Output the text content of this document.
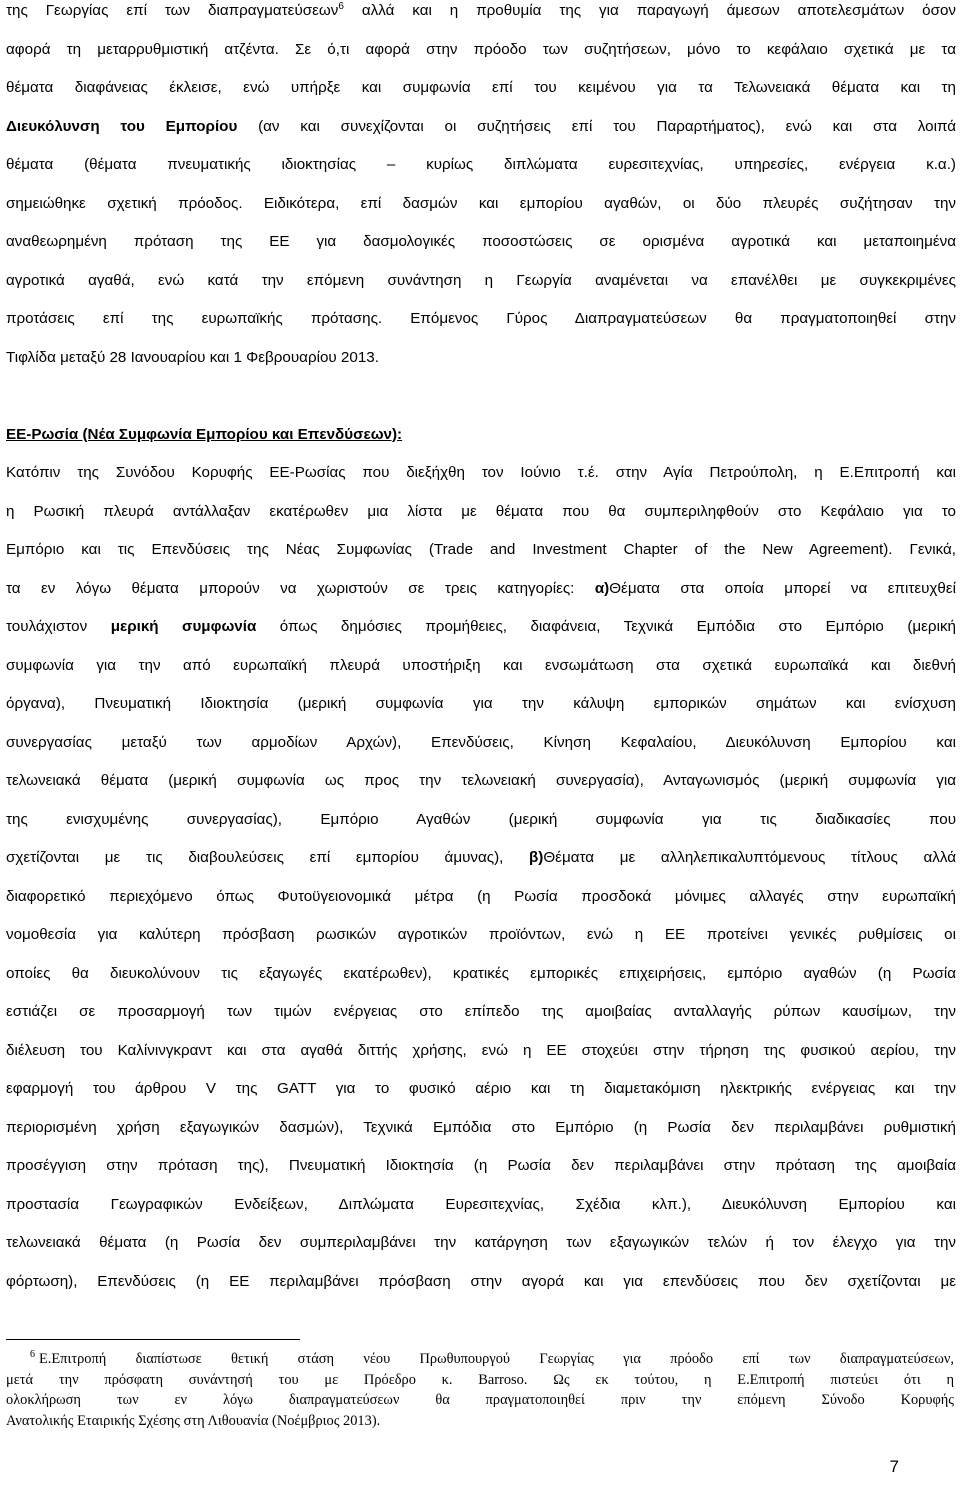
της Γεωργίας επί των διαπραγματεύσεων$^6$ αλλά και η προθυμία της για παραγωγή άμεσων αποτελεσμάτων όσον
αφορά τη μεταρρυθμιστική ατζέντα. Σε ό,τι αφορά στην πρόοδο των συζητήσεων, μόνο το κεφάλαιο σχετικά με τα
θέματα διαφάνειας έκλεισε, ενώ υπήρξε και συμφωνία επί του κειμένου για τα Τελωνειακά θέματα και τη
Διευκόλυνση του Εμπορίου (αν και συνεχίζονται οι συζητήσεις επί του Παραρτήματος), ενώ και στα λοιπά
θέματα (θέματα πνευματικής ιδιοκτησίας – κυρίως διπλώματα ευρεσιτεχνίας, υπηρεσίες, ενέργεια κ.α.)
σημειώθηκε σχετική πρόοδος. Ειδικότερα, επί δασμών και εμπορίου αγαθών, οι δύο πλευρές συζήτησαν την
αναθεωρημένη πρόταση της ΕΕ για δασμολογικές ποσοστώσεις σε ορισμένα αγροτικά και μεταποιημένα
αγροτικά αγαθά, ενώ κατά την επόμενη συνάντηση η Γεωργία αναμένεται να επανέλθει με συγκεκριμένες
προτάσεις επί της ευρωπαϊκής πρότασης. Επόμενος Γύρος Διαπραγματεύσεων θα πραγματοποιηθεί στην
Τιφλίδα μεταξύ 28 Ιανουαρίου και 1 Φεβρουαρίου 2013.
ΕΕ-Ρωσία (Νέα Συμφωνία Εμπορίου και Επενδύσεων):
Κατόπιν της Συνόδου Κορυφής ΕΕ-Ρωσίας που διεξήχθη τον Ιούνιο τ.έ. στην Αγία Πετρούπολη, η Ε.Επιτροπή και
η Ρωσική πλευρά αντάλλαξαν εκατέρωθεν μια λίστα με θέματα που θα συμπεριληφθούν στο Κεφάλαιο για το
Εμπόριο και τις Επενδύσεις της Νέας Συμφωνίας (Trade and Investment Chapter of the New Agreement). Γενικά,
τα εν λόγω θέματα μπορούν να χωριστούν σε τρεις κατηγορίες: α)Θέματα στα οποία μπορεί να επιτευχθεί
τουλάχιστον μερική συμφωνία όπως δημόσιες προμήθειες, διαφάνεια, Τεχνικά Εμπόδια στο Εμπόριο (μερική
συμφωνία για την από ευρωπαϊκή πλευρά υποστήριξη και ενσωμάτωση στα σχετικά ευρωπαϊκά και διεθνή
όργανα), Πνευματική Ιδιοκτησία (μερική συμφωνία για την κάλυψη εμπορικών σημάτων και ενίσχυση
συνεργασίας μεταξύ των αρμοδίων Αρχών), Επενδύσεις, Κίνηση Κεφαλαίου, Διευκόλυνση Εμπορίου και
τελωνειακά θέματα (μερική συμφωνία ως προς την τελωνειακή συνεργασία), Ανταγωνισμός (μερική συμφωνία για
της ενισχυμένης συνεργασίας), Εμπόριο Αγαθών (μερική συμφωνία για τις διαδικασίες που
σχετίζονται με τις διαβουλεύσεις επί εμπορίου άμυνας), β)Θέματα με αλληλεπικαλυπτόμενους τίτλους αλλά
διαφορετικό περιεχόμενο όπως Φυτοϋγειονομικά μέτρα (η Ρωσία προσδοκά μόνιμες αλλαγές στην ευρωπαϊκή
νομοθεσία για καλύτερη πρόσβαση ρωσικών αγροτικών προϊόντων, ενώ η ΕΕ προτείνει γενικές ρυθμίσεις οι
οποίες θα διευκολύνουν τις εξαγωγές εκατέρωθεν), κρατικές εμπορικές επιχειρήσεις, εμπόριο αγαθών (η Ρωσία
εστιάζει σε προσαρμογή των τιμών ενέργειας στο επίπεδο της αμοιβαίας ανταλλαγής ρύπων καυσίμων, την
διέλευση του Καλίνινγκραντ και στα αγαθά διττής χρήσης, ενώ η ΕΕ στοχεύει στην τήρηση της φυσικού αερίου, την
εφαρμογή του άρθρου V της GATT για το φυσικό αέριο και τη διαμετακόμιση ηλεκτρικής ενέργειας και την
περιορισμένη χρήση εξαγωγικών δασμών), Τεχνικά Εμπόδια στο Εμπόριο (η Ρωσία δεν περιλαμβάνει ρυθμιστική
προσέγγιση στην πρόταση της), Πνευματική Ιδιοκτησία (η Ρωσία δεν περιλαμβάνει στην πρόταση της αμοιβαία
προστασία Γεωγραφικών Ενδείξεων, Διπλώματα Ευρεσιτεχνίας, Σχέδια κλπ.), Διευκόλυνση Εμπορίου και
τελωνειακά θέματα (η Ρωσία δεν συμπεριλαμβάνει την κατάργηση των εξαγωγικών τελών ή τον έλεγχο για την
φόρτωση), Επενδύσεις (η ΕΕ περιλαμβάνει πρόσβαση στην αγορά και για επενδύσεις που δεν σχετίζονται με
$^6$ Ε.Επιτροπή διαπίστωσε θετική στάση νέου Πρωθυπουργού Γεωργίας για πρόοδο επί των διαπραγματεύσεων,
μετά την πρόσφατη συνάντησή του με Πρόεδρο κ. Barroso. Ως εκ τούτου, η Ε.Επιτροπή πιστεύει ότι η
ολοκλήρωση των εν λόγω διαπραγματεύσεων θα πραγματοποιηθεί πριν την επόμενη Σύνοδο Κορυφής
Ανατολικής Εταιρικής Σχέσης στη Λιθουανία (Νοέμβριος 2013).
7
